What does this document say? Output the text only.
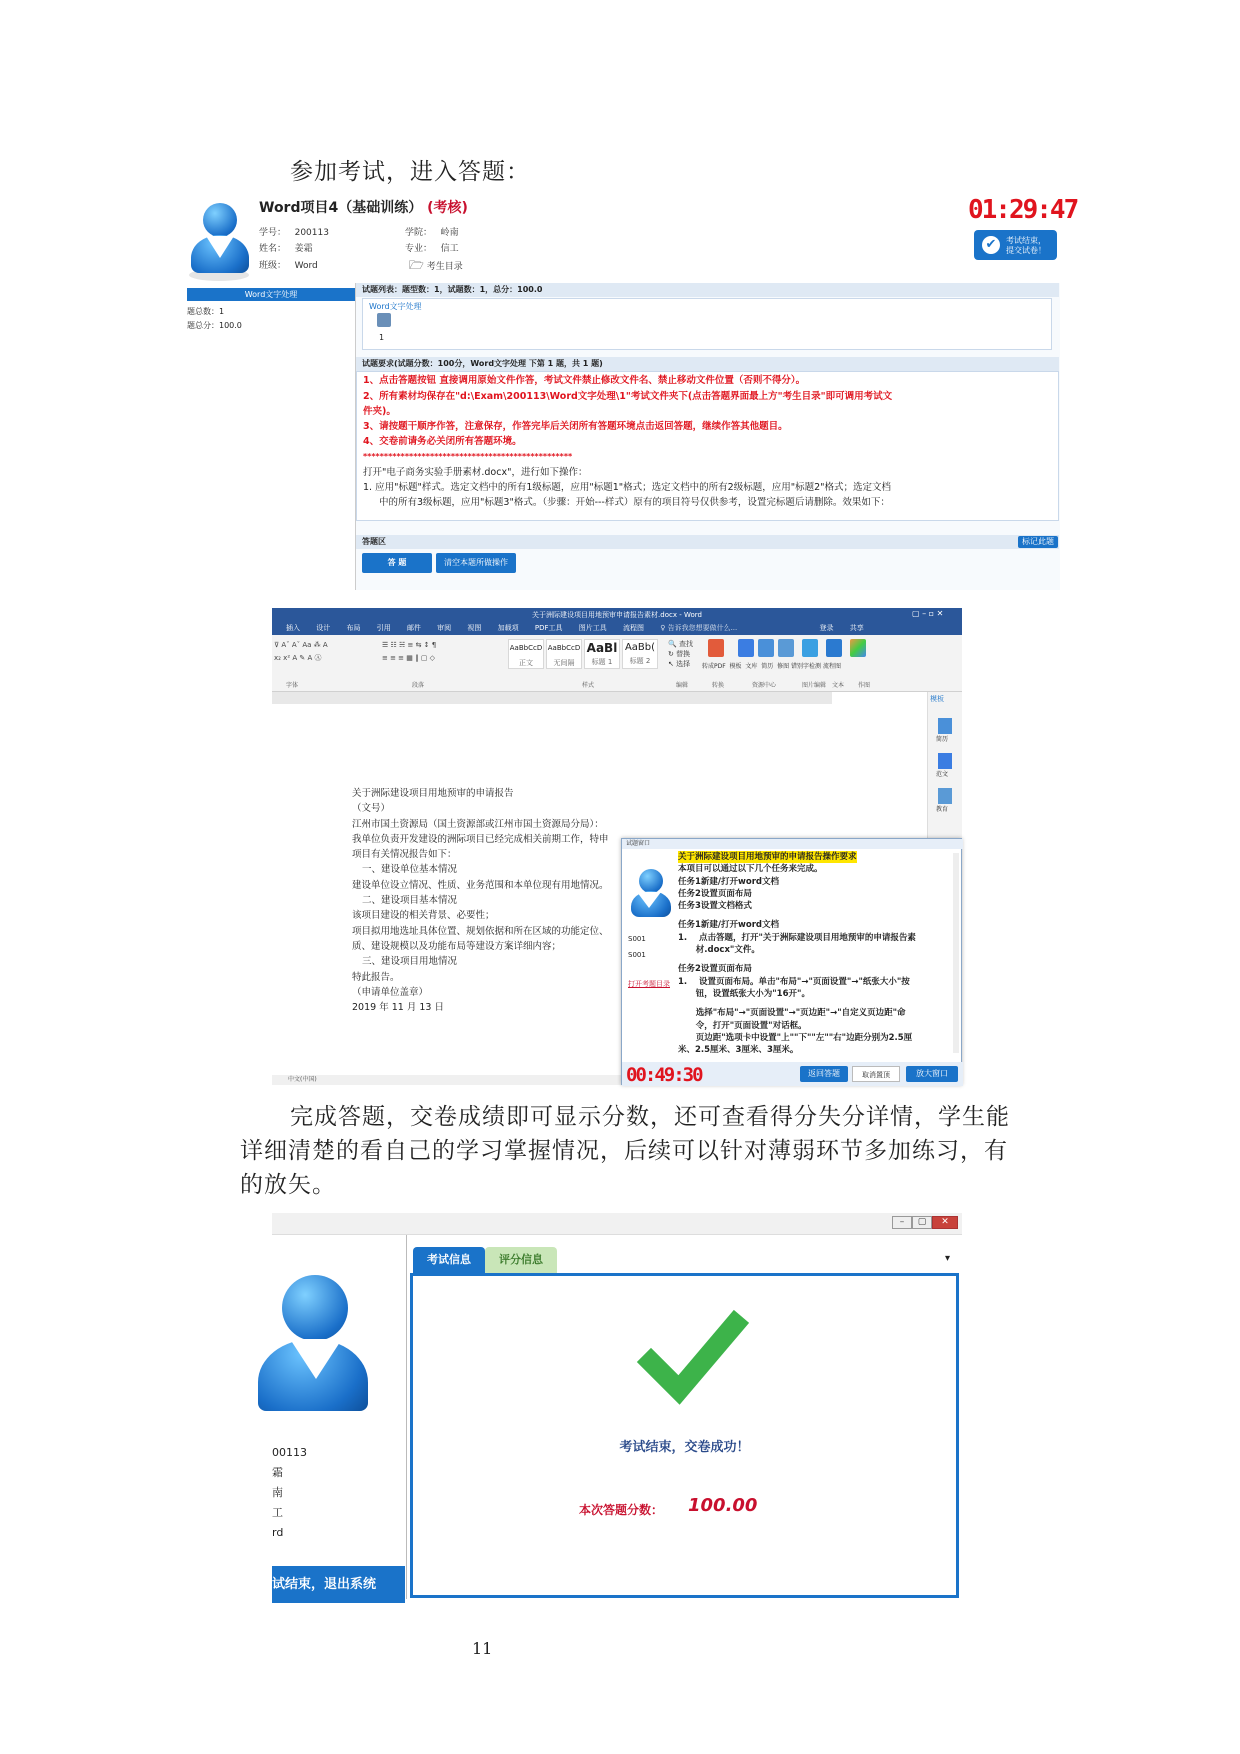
参加考试，进入答题：
Word项目4（基础训练） (考核)
学号： 200113
姓名： 姜霜
班级： Word
学院： 岭南
专业： 信工
🗁 考生目录
01:29:47
✔	考试结束，
提交试卷！
Word文字处理
题总数：1
题总分：100.0
试题列表：题型数：1，试题数：1，总分：100.0
Word文字处理
1
试题要求(试题分数：100分，Word文字处理 下第 1 题，共 1 题)
1、点击答题按钮 直接调用原始文件作答，考试文件禁止修改文件名、禁止移动文件位置（否则不得分）。
2、所有素材均保存在"d:\Exam\200113\Word文字处理\1"考试文件夹下(点击答题界面最上方"考生目录"即可调用考试文
件夹)。
3、请按题干顺序作答，注意保存，作答完毕后关闭所有答题环境点击返回答题，继续作答其他题目。
4、交卷前请务必关闭所有答题环境。
**************************************************
打开"电子商务实验手册素材.docx"，进行如下操作：
1. 应用"标题"样式。选定文档中的所有1级标题，应用"标题1"格式；选定文档中的所有2级标题，应用"标题2"格式；选定文档
中的所有3级标题，应用"标题3"格式。（步骤：开始---样式）原有的项目符号仅供参考，设置完标题后请删除。效果如下：
答题区	标记此题
答 题	清空本题所做操作
关于洲际建设项目用地预审申请报告素材.docx - Word	▢ – ▫ ✕
插入 设计 布局 引用 邮件 审阅 视图 加载项 PDF工具 图片工具 流程图 ♀ 告诉我您想要做什么...	登录 共享
⊽ Aˇ Aˇ Aa ⁂ A
x₂ x² A ✎ A Ⓐ
☰ ☷ ☵ ≡ ⇆ ↕ ¶
≡ ≡ ≡ ▦ ‖ ▢ ◇
AaBbCcD
正文
AaBbCcD
无间隔
AaBl
标题 1
AaBb(
标题 2
🔍 查找
↻ 替换
↖ 选择	转成PDF 模板 文库 简历 修图 错别字检测 流程图
字体	段落	样式	编辑	转换	资源中心	图片编辑 文本 作图
关于洲际建设项目用地预审的申请报告
（文号）
江州市国土资源局（国土资源部或江州市国土资源局分局）：
我单位负责开发建设的洲际项目已经完成相关前期工作，特申
项目有关情况报告如下：
一、建设单位基本情况
建设单位设立情况、性质、业务范围和本单位现有用地情况。
二、建设项目基本情况
该项目建设的相关背景、必要性；
项目拟用地选址具体位置、规划依据和所在区域的功能定位、
质、建设规模以及功能布局等建设方案详细内容；
三、建设项目用地情况
特此报告。
（申请单位盖章）
2019 年 11 月 13 日
模板
简历
范文
教育
中文(中国)
试题窗口
S001
S001
打开考题目录
关于洲际建设项目用地预审的申请报告操作要求
本项目可以通过以下几个任务来完成。
任务1新建/打开word文档
任务2设置页面布局
任务3设置文档格式
任务1新建/打开word文档
1.    点击答题，打开"关于洲际建设项目用地预审的申请报告素
材.docx"文件。
任务2设置页面布局
1.    设置页面布局。单击"布局"→"页面设置"→"纸张大小"按
钮，设置纸张大小为"16开"。
选择"布局"→"页面设置"→"页边距"→"自定义页边距"命
令，打开"页面设置"对话框。
页边距"选项卡中设置"上""下""左""右"边距分别为2.5厘
米、2.5厘米、3厘米、3厘米。
00:49:30	返回答题	取消置顶	放大窗口
完成答题，交卷成绩即可显示分数，还可查看得分失分详情，学生能
详细清楚的看自己的学习掌握情况，后续可以针对薄弱环节多加练习，有
的放矢。
– ▢ ✕
00113
霜
南
工
rd
试结束，退出系统
考试信息	评分信息	▾
考试结束，交卷成功！
本次答题分数： 100.00
11
